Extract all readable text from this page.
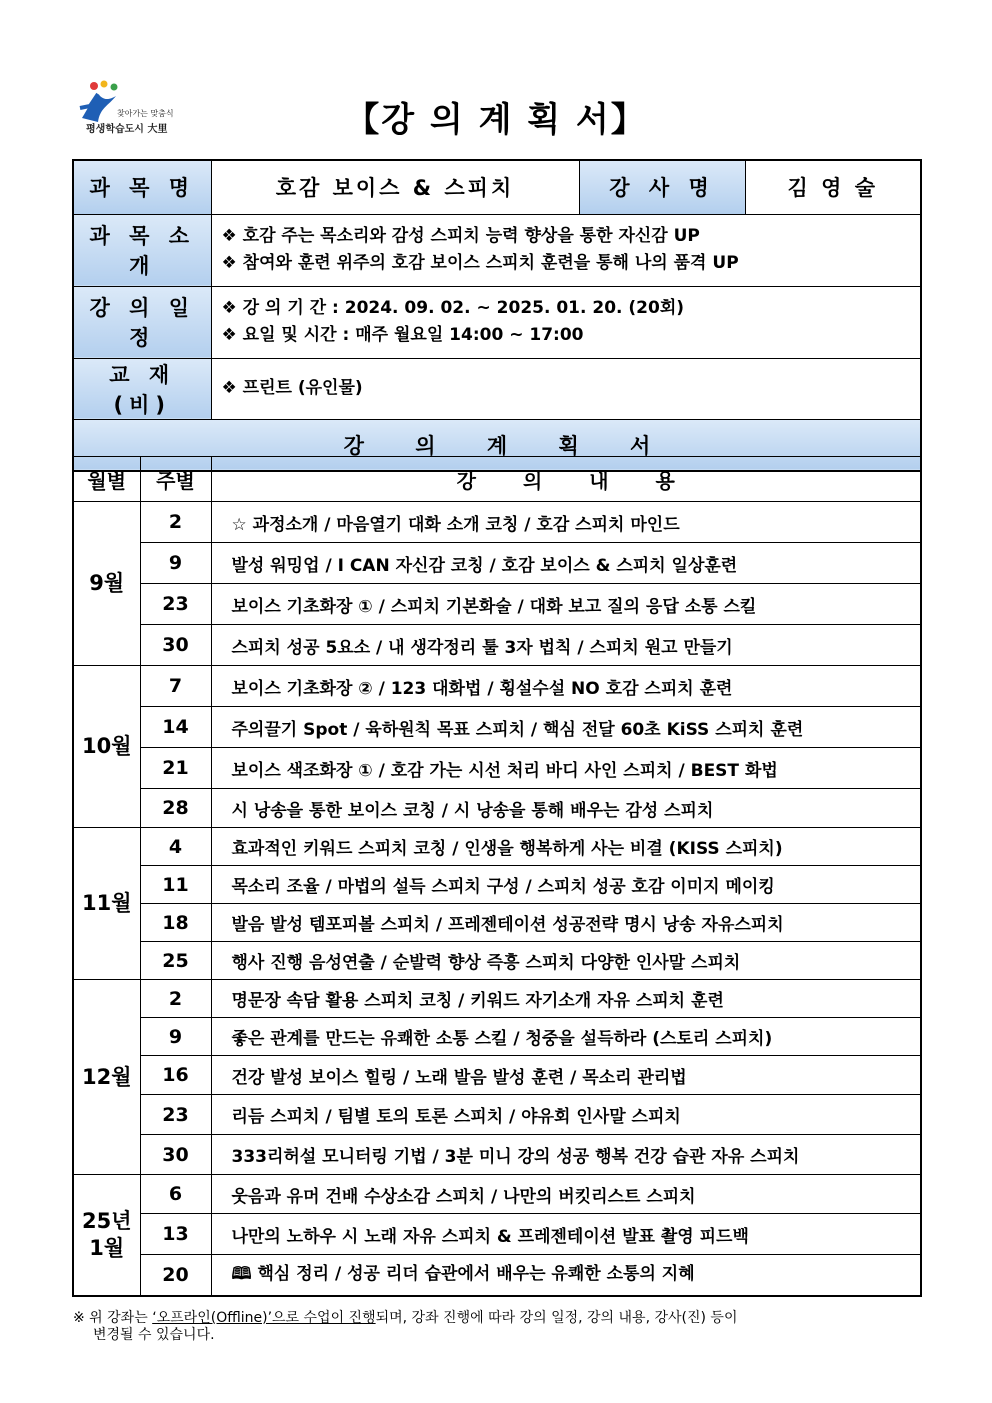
찾아가는 맞춤식
평생학습도시 大里	【강 의 계 획 서】
과 목 명	호감 보이스 & 스피치	강 사 명	김 영 술
과 목 소 개	❖ 호감 주는 목소리와 감성 스피치 능력 향상을 통한 자신감 UP
❖ 참여와 훈련 위주의 호감 보이스 스피치 훈련을 통해 나의 품격 UP		

강 의 일 정	❖ 강 의 기 간 : 2024. 09. 02. ~ 2025. 01. 20. (20회)
❖ 요일 및 시간 : 매주 월요일 14:00 ~ 17:00		

교 재 (비)	❖ 프린트 (유인물)		
강 의 계 획 서			
월별	주별	강 의 내 용
9월	2	☆ 과정소개 / 마음열기 대화 소개 코칭 / 호감 스피치 마인드
	9	발성 워밍업 / I CAN 자신감 코칭 / 호감 보이스 & 스피치 일상훈련
	23	보이스 기초화장 ① / 스피치 기본화술 / 대화 보고 질의 응답 소통 스킬
	30	스피치 성공 5요소 / 내 생각정리 툴 3자 법칙 / 스피치 원고 만들기
10월	7	보이스 기초화장 ② / 123 대화법 / 횡설수설 NO 호감 스피치 훈련
	14	주의끌기 Spot / 육하원칙 목표 스피치 / 핵심 전달 60초 KiSS 스피치 훈련
	21	보이스 색조화장 ① / 호감 가는 시선 처리 바디 사인 스피치 / BEST 화법
	28	시 낭송을 통한 보이스 코칭 / 시 낭송을 통해 배우는 감성 스피치
11월	4	효과적인 키워드 스피치 코칭 / 인생을 행복하게 사는 비결 (KISS 스피치)
	11	목소리 조율 / 마법의 설득 스피치 구성 / 스피치 성공 호감 이미지 메이킹
	18	발음 발성 템포피볼 스피치 / 프레젠테이션 성공전략 명시 낭송 자유스피치
	25	행사 진행 음성연출 / 순발력 향상 즉흥 스피치 다양한 인사말 스피치
12월	2	명문장 속담 활용 스피치 코칭 / 키워드 자기소개 자유 스피치 훈련
	9	좋은 관계를 만드는 유쾌한 소통 스킬 / 청중을 설득하라 (스토리 스피치)
	16	건강 발성 보이스 힐링 / 노래 발음 발성 훈련 / 목소리 관리법
	23	리듬 스피치 / 팀별 토의 토론 스피치 / 야유회 인사말 스피치
	30	333리허설 모니터링 기법 / 3분 미니 강의 성공 행복 건강 습관 자유 스피치
25년
1월	6	웃음과 유머 건배 수상소감 스피치 / 나만의 버킷리스트 스피치
	13	나만의 노하우 시 노래 자유 스피치 & 프레젠테이션 발표 촬영 피드백
	20	🕮 핵심 정리 / 성공 리더 습관에서 배우는 유쾌한 소통의 지혜
※ 위 강좌는 ‘오프라인(Offline)’으로 수업이 진행되며, 강좌 진행에 따라 강의 일정, 강의 내용, 강사(진) 등이
변경될 수 있습니다.
